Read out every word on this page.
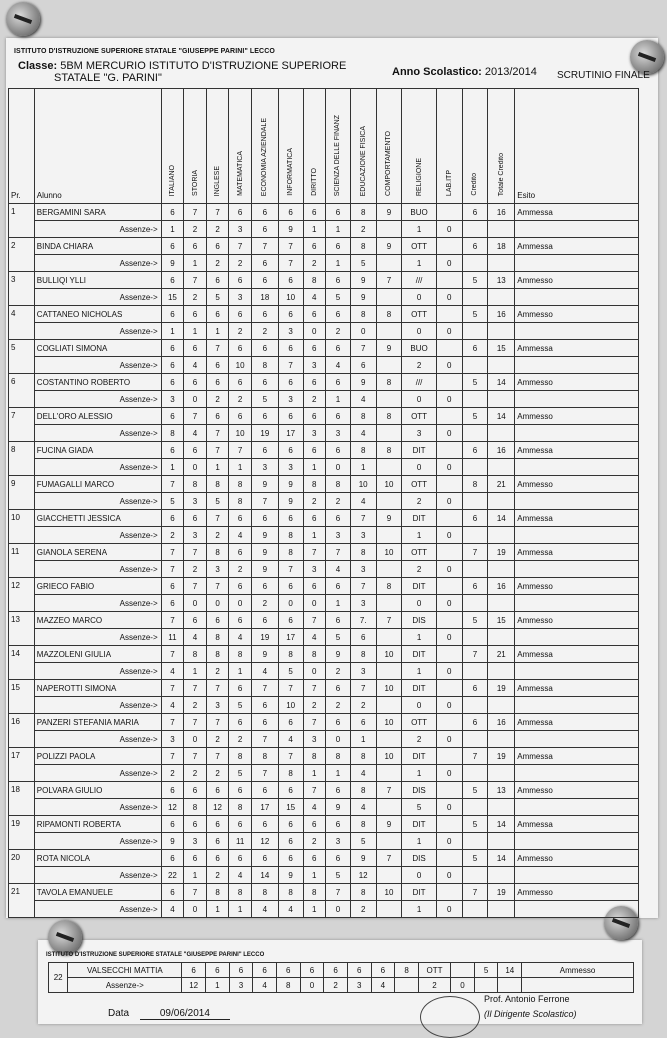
ISTITUTO D'ISTRUZIONE SUPERIORE STATALE "GIUSEPPE PARINI" LECCO
Classe: 5BM MERCURIO ISTITUTO D'ISTRUZIONE SUPERIORE
STATALE "G. PARINI"	Anno Scolastico: 2013/2014 SCRUTINIO FINALE
Pr.	Alunno	ITALIANO	STORIA	INGLESE	MATEMATICA	ECONOMIA AZIENDALE	INFORMATICA	DIRITTO	SCIENZA DELLE FINANZ	EDUCAZIONE FISICA	COMPORTAMENTO	RELIGIONE	LAB.ITP	Credito	Totale Credito	Esito
1	BERGAMINI SARA	6	7	7	6	6	6	6	6	8	9	BUO		6	16	Ammessa
	Assenze->	1	2	2	3	6	9	1	1	2		1	0			
2	BINDA CHIARA	6	6	6	7	7	7	6	6	8	9	OTT		6	18	Ammessa
	Assenze->	9	1	2	2	6	7	2	1	5		1	0			
3	BULLIQI YLLI	6	7	6	6	6	6	8	6	9	7	///		5	13	Ammesso
	Assenze->	15	2	5	3	18	10	4	5	9		0	0			
4	CATTANEO NICHOLAS	6	6	6	6	6	6	6	6	8	8	OTT		5	16	Ammesso
	Assenze->	1	1	1	2	2	3	0	2	0		0	0			
5	COGLIATI SIMONA	6	6	7	6	6	6	6	6	7	9	BUO		6	15	Ammessa
	Assenze->	6	4	6	10	8	7	3	4	6		2	0			
6	COSTANTINO ROBERTO	6	6	6	6	6	6	6	6	9	8	///		5	14	Ammesso
	Assenze->	3	0	2	2	5	3	2	1	4		0	0			
7	DELL'ORO ALESSIO	6	7	6	6	6	6	6	6	8	8	OTT		5	14	Ammesso
	Assenze->	8	4	7	10	19	17	3	3	4		3	0			
8	FUCINA GIADA	6	6	7	7	6	6	6	6	8	8	DIT		6	16	Ammessa
	Assenze->	1	0	1	1	3	3	1	0	1		0	0			
9	FUMAGALLI MARCO	7	8	8	8	9	9	8	8	10	10	OTT		8	21	Ammesso
	Assenze->	5	3	5	8	7	9	2	2	4		2	0			
10	GIACCHETTI JESSICA	6	6	7	6	6	6	6	6	7	9	DIT		6	14	Ammessa
	Assenze->	2	3	2	4	9	8	1	3	3		1	0			
11	GIANOLA SERENA	7	7	8	6	9	8	7	7	8	10	OTT		7	19	Ammessa
	Assenze->	7	2	3	2	9	7	3	4	3		2	0			
12	GRIECO FABIO	6	7	7	6	6	6	6	6	7	8	DIT		6	16	Ammesso
	Assenze->	6	0	0	0	2	0	0	1	3		0	0			
13	MAZZEO MARCO	7	6	6	6	6	6	7	6	7.	7	DIS		5	15	Ammesso
	Assenze->	11	4	8	4	19	17	4	5	6		1	0			
14	MAZZOLENI GIULIA	7	8	8	8	9	8	8	9	8	10	DIT		7	21	Ammessa
	Assenze->	4	1	2	1	4	5	0	2	3		1	0			
15	NAPEROTTI SIMONA	7	7	7	6	7	7	7	6	7	10	DIT		6	19	Ammessa
	Assenze->	4	2	3	5	6	10	2	2	2		0	0			
16	PANZERI STEFANIA MARIA	7	7	7	6	6	6	7	6	6	10	OTT		6	16	Ammessa
	Assenze->	3	0	2	2	7	4	3	0	1		2	0			
17	POLIZZI PAOLA	7	7	7	8	8	7	8	8	8	10	DIT		7	19	Ammessa
	Assenze->	2	2	2	5	7	8	1	1	4		1	0			
18	POLVARA GIULIO	6	6	6	6	6	6	7	6	8	7	DIS		5	13	Ammesso
	Assenze->	12	8	12	8	17	15	4	9	4		5	0			
19	RIPAMONTI ROBERTA	6	6	6	6	6	6	6	6	8	9	DIT		5	14	Ammessa
	Assenze->	9	3	6	11	12	6	2	3	5		1	0			
20	ROTA NICOLA	6	6	6	6	6	6	6	6	9	7	DIS		5	14	Ammesso
	Assenze->	22	1	2	4	14	9	1	5	12		0	0			
21	TAVOLA EMANUELE	6	7	8	8	8	8	8	7	8	10	DIT		7	19	Ammesso
	Assenze->	4	0	1	1	4	4	1	0	2		1	0			
ISTITUTO D'ISTRUZIONE SUPERIORE STATALE "GIUSEPPE PARINI" LECCO
22	VALSECCHI MATTIA	6	6	6	6	6	6	6	6	6	8	OTT		5	14	Ammesso
	Assenze->	12	1	3	4	8	0	2	3	4		2	0			
Data	09/06/2014
Prof. Antonio Ferrone
(Il Dirigente Scolastico)
